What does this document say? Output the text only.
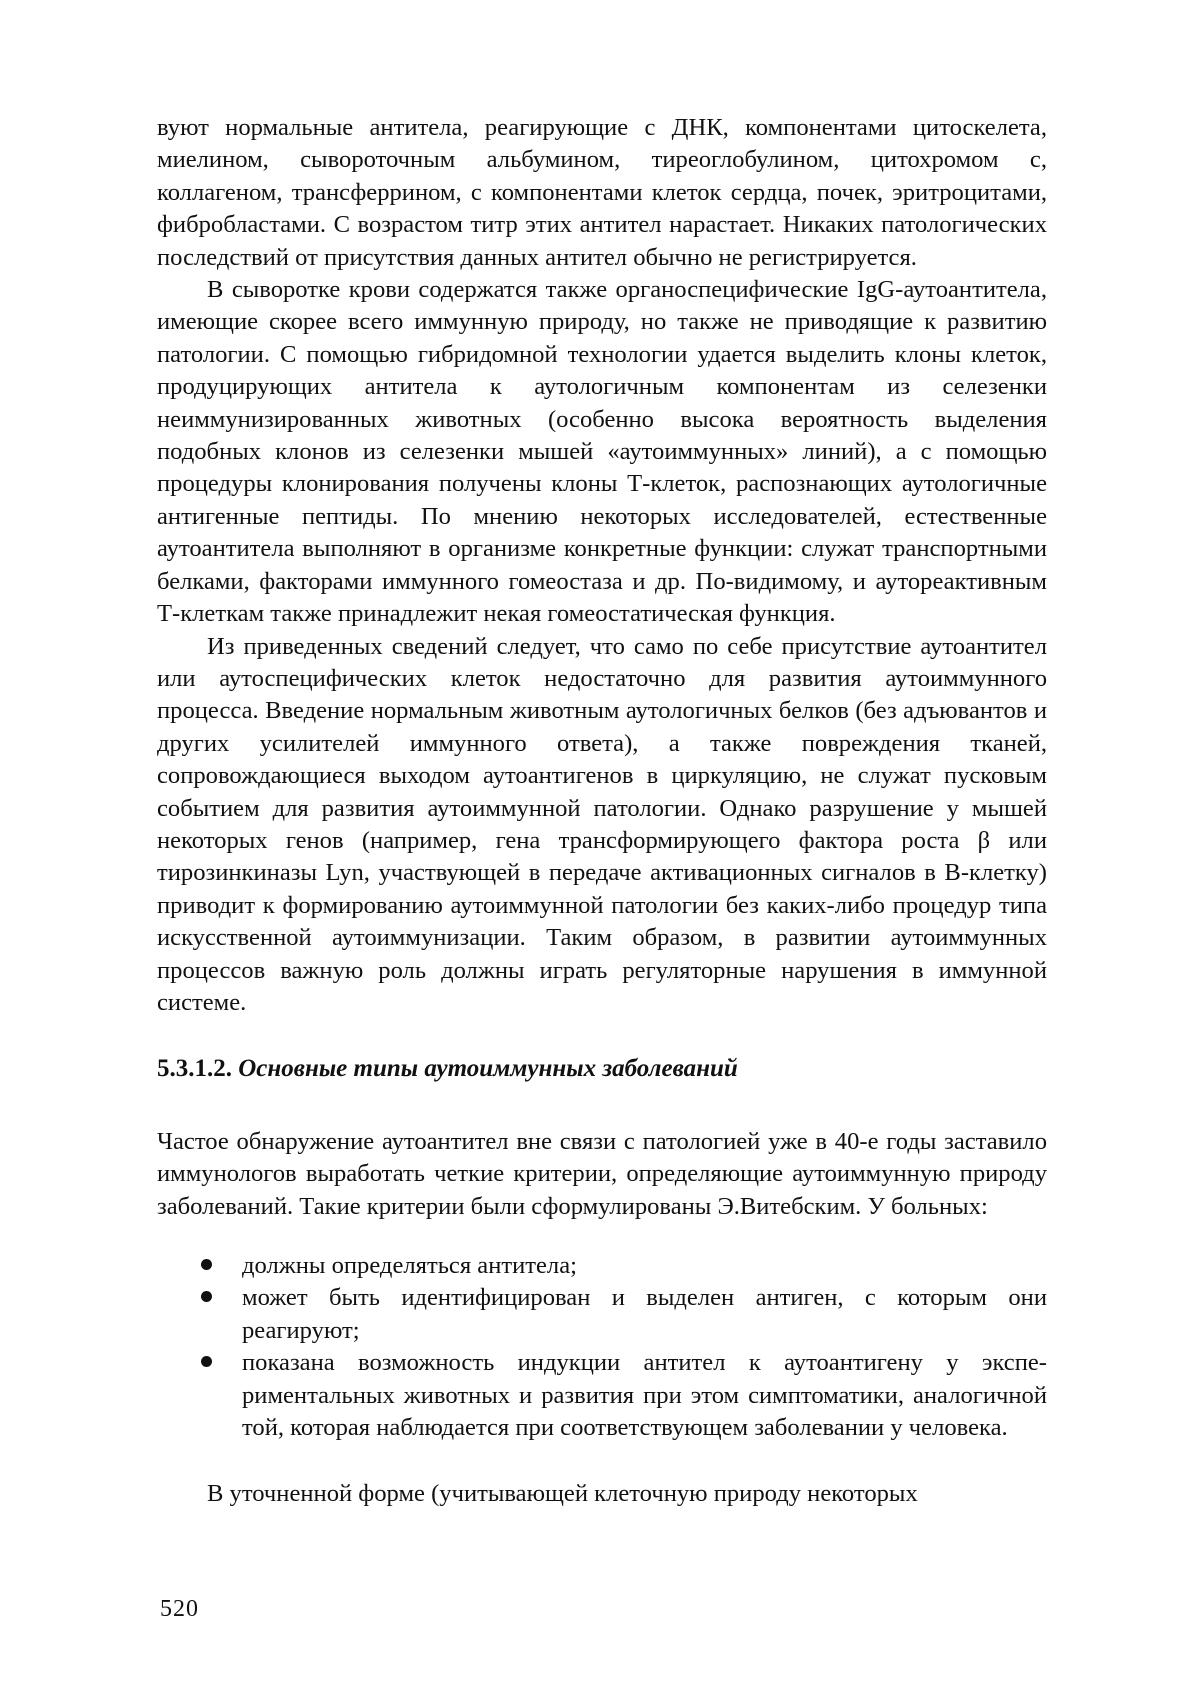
вуют нормальные антитела, реагирующие с ДНК, компонентами цитоскелета, миелином, сывороточным альбумином, тиреоглобулином, цитохромом с, коллагеном, трансферрином, с компонентами клеток сердца, почек, эритроцитами, фибробластами. С возрастом титр этих антител нарастает. Никаких патологических последствий от присутствия данных антител обычно не регистрируется.

В сыворотке крови содержатся также органоспецифические IgG-аутоантитела, имеющие скорее всего иммунную природу, но также не приводящие к развитию патологии. С помощью гибридомной технологии удается выделить клоны клеток, продуцирующих антитела к аутологичным компонентам из селезенки неиммунизированных животных (особенно высока вероятность выделения подобных клонов из селезенки мышей «аутоиммунных» линий), а с помощью процедуры клонирования получены клоны Т-клеток, распознающих аутологичные антигенные пептиды. По мнению некоторых исследователей, естественные аутоантитела выполняют в организме конкретные функции: служат транспортными белками, факторами иммунного гомеостаза и др. По-видимому, и аутореактивным Т-клеткам также принадлежит некая гомеостатическая функция.

Из приведенных сведений следует, что само по себе присутствие аутоантител или аутоспецифических клеток недостаточно для развития аутоиммунного процесса. Введение нормальным животным аутологичных белков (без адъювантов и других усилителей иммунного ответа), а также повреждения тканей, сопровождающиеся выходом аутоантигенов в циркуляцию, не служат пусковым событием для развития аутоиммунной патологии. Однако разрушение у мышей некоторых генов (например, гена трансформирующего фактора роста β или тирозинкиназы Lyn, участвующей в передаче активационных сигналов в В-клетку) приводит к формированию аутоиммунной патологии без каких-либо процедур типа искусственной аутоиммунизации. Таким образом, в развитии аутоиммунных процессов важную роль должны играть регуляторные нарушения в иммунной системе.

5.3.1.2. Основные типы аутоиммунных заболеваний

Частое обнаружение аутоантител вне связи с патологией уже в 40-е годы заставило иммунологов выработать четкие критерии, определяющие аутоиммунную природу заболеваний. Такие критерии были сформулированы Э.Витебским. У больных:

должны определяться антитела;
может быть идентифицирован и выделен антиген, с которым они реагируют;
показана возможность индукции антител к аутоантигену у экспериментальных животных и развития при этом симптоматики, аналогичной той, которая наблюдается при соответствующем заболевании у человека.

В уточненной форме (учитывающей клеточную природу некоторых

520
